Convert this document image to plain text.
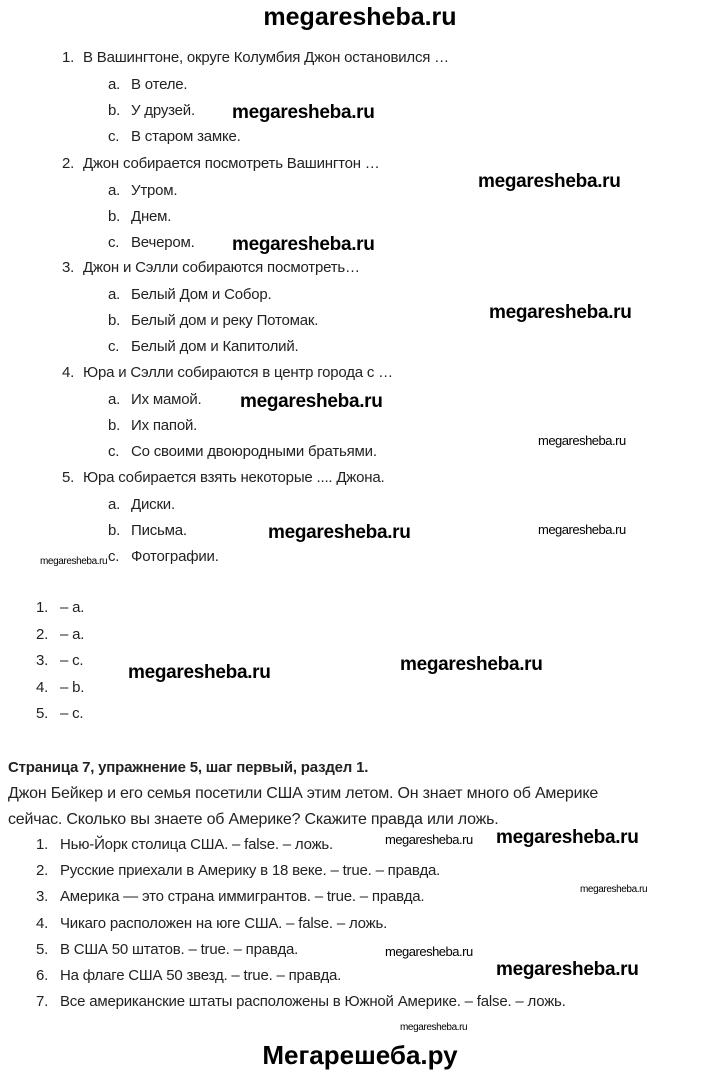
megaresheba.ru
1. В Вашингтоне, округе Колумбия Джон остановился …
a. В отеле.
b. У друзей.
c. В старом замке.
2. Джон собирается посмотреть Вашингтон …
a. Утром.
b. Днем.
c. Вечером.
3. Джон и Сэлли собираются посмотреть…
a. Белый Дом и Собор.
b. Белый дом и реку Потомак.
c. Белый дом и Капитолий.
4. Юра и Сэлли собираются в центр города с …
a. Их мамой.
b. Их папой.
c. Со своими двоюродными братьями.
5. Юра собирается взять некоторые .... Джона.
a. Диски.
b. Письма.
c. Фотографии.
1. – a.
2. – a.
3. – c.
4. – b.
5. – c.
Страница 7, упражнение 5, шаг первый, раздел 1.
Джон Бейкер и его семья посетили США этим летом. Он знает много об Америке
сейчас. Сколько вы знаете об Америке? Скажите правда или ложь.
1. Нью-Йорк столица США. – false. – ложь.
2. Русские приехали в Америку в 18 веке. – true. – правда.
3. Америка — это страна иммигрантов. – true. – правда.
4. Чикаго расположен на юге США. – false. – ложь.
5. В США 50 штатов. – true. – правда.
6. На флаге США 50 звезд. – true. – правда.
7. Все американские штаты расположены в Южной Америке. – false. – ложь.
megaresheba.ru
megaresheba.ru
megaresheba.ru
megaresheba.ru
megaresheba.ru
megaresheba.ru
megaresheba.ru	megaresheba.ru
megaresheba.ru
megaresheba.ru
megaresheba.ru
megaresheba.ru
megaresheba.ru
megaresheba.ru
megaresheba.ru
megaresheba.ru
megaresheba.ru
Мегарешеба.ру
